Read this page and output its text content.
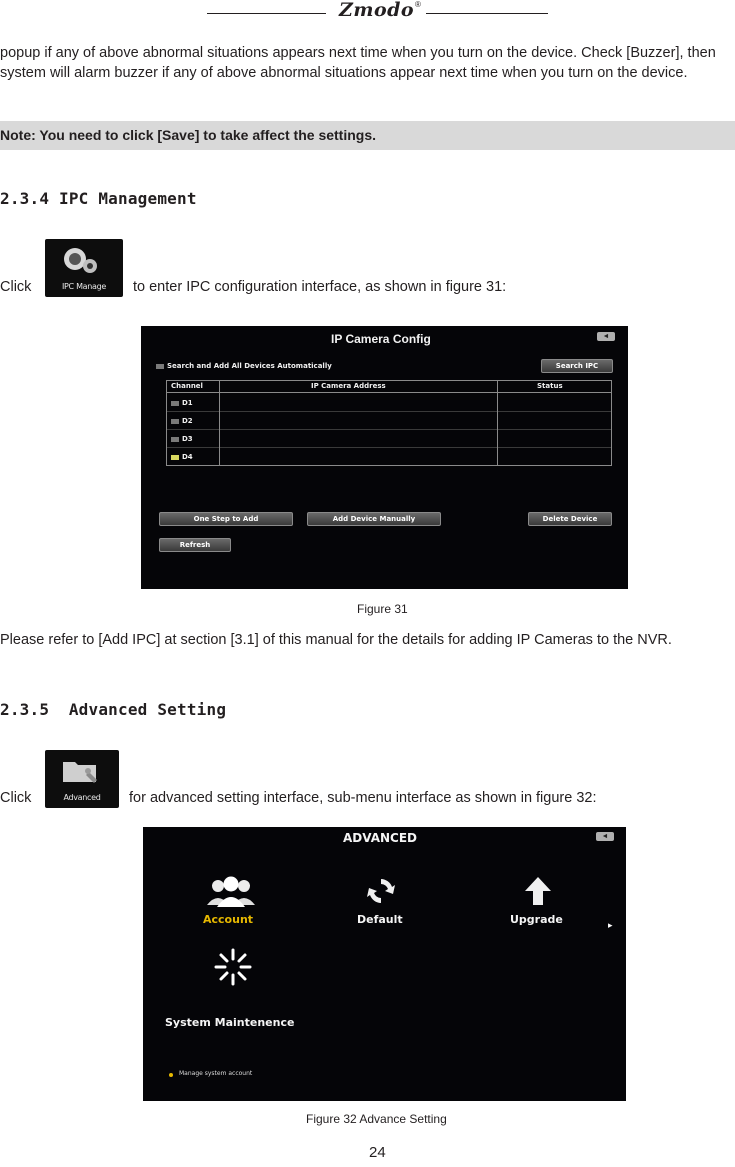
Zmodo ®
popup if any of above abnormal situations appears next time when you turn on the device. Check [Buzzer], then system will alarm buzzer if any of above abnormal situations appear next time when you turn on the device.
Note: You need to click [Save] to take affect the settings.
2.3.4 IPC Management
Click	IPC Manage	to enter IPC configuration interface, as shown in figure 31:
IP Camera Config	◄
Search and Add All Devices Automatically	Search IPC
Channel	IP Camera Address	Status
D1
D2
D3
D4
One Step to Add	Add Device Manually	Delete Device
Refresh
Figure 31
Please refer to [Add IPC] at section [3.1] of this manual for the details for adding IP Cameras to the NVR.
2.3.5  Advanced Setting
Click	Advanced	for advanced setting interface, sub-menu interface as shown in figure 32:
ADVANCED	◄
Account	Default	Upgrade
System Maintenence
Manage system account
▸
Figure 32 Advance Setting
24
